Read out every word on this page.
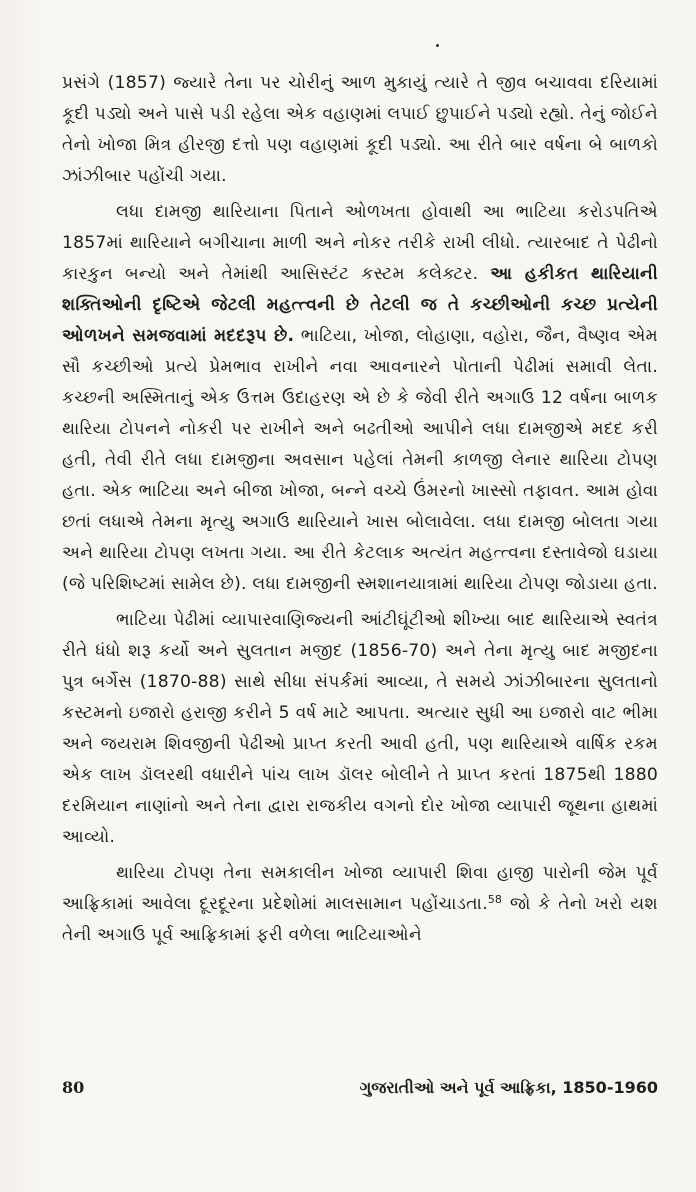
પ્રસંગે (1857) જ્યારે તેના પર ચોરીનું આળ મુકાયું ત્યારે તે જીવ બચાવવા દરિયામાં કૂદી પડ્યો અને પાસે પડી રહેલા એક વહાણમાં લપાઈ છુપાઈને પડ્યો રહ્યો. તેનું જોઈને તેનો ખોજા મિત્ર હીરજી દત્તો પણ વહાણમાં કૂદી પડ્યો. આ રીતે બાર વર્ષના બે બાળકો ઝાંઝીબાર પહોંચી ગયા.

લધા દામજી થારિયાના પિતાને ઓળખતા હોવાથી આ ભાટિયા કરોડપતિએ 1857માં થારિયાને બગીચાના માળી અને નોકર તરીકે રાખી લીધો. ત્યારબાદ તે પેઢીનો કારકુન બન્યો અને તેમાંથી આસિસ્ટંટ કસ્ટમ કલેક્ટર. આ હકીકત થારિયાની શક્તિઓની દૃષ્ટિએ જેટલી મહત્ત્વની છે તેટલી જ તે કચ્છીઓની કચ્છ પ્રત્યેની ઓળખને સમજવામાં મદદરૂપ છે. ભાટિયા, ખોજા, લોહાણા, વહોરા, જૈન, વૈષ્ણવ એમ સૌ કચ્છીઓ પ્રત્યે પ્રેમભાવ રાખીને નવા આવનારને પોતાની પેઢીમાં સમાવી લેતા. કચ્છની અસ્મિતાનું એક ઉત્તમ ઉદાહરણ એ છે કે જેવી રીતે અગાઉ 12 વર્ષના બાળક થારિયા ટોપનને નોકરી પર રાખીને અને બઢતીઓ આપીને લધા દામજીએ મદદ કરી હતી, તેવી રીતે લધા દામજીના અવસાન પહેલાં તેમની કાળજી લેનાર થારિયા ટોપણ હતા. એક ભાટિયા અને બીજા ખોજા, બન્ને વચ્ચે ઉંમરનો ખાસ્સો તફાવત. આમ હોવા છતાં લધાએ તેમના મૃત્યુ અગાઉ થારિયાને ખાસ બોલાવેલા. લધા દામજી બોલતા ગયા અને થારિયા ટોપણ લખતા ગયા. આ રીતે કેટલાક અત્યંત મહત્ત્વના દસ્તાવેજો ઘડાયા (જે પરિશિષ્ટમાં સામેલ છે). લધા દામજીની સ્મશાનયાત્રામાં થારિયા ટોપણ જોડાયા હતા.

ભાટિયા પેઢીમાં વ્યાપારવાણિજ્યની આંટીઘૂંટીઓ શીખ્યા બાદ થારિયાએ સ્વતંત્ર રીતે ધંધો શરૂ કર્યો અને સુલતાન મજીદ (1856-70) અને તેના મૃત્યુ બાદ મજીદના પુત્ર બર્ગેસ (1870-88) સાથે સીધા સંપર્કમાં આવ્યા, તે સમયે ઝાંઝીબારના સુલતાનો કસ્ટમનો ઇજારો હરાજી કરીને 5 વર્ષ માટે આપતા. અત્યાર સુધી આ ઇજારો વાટ ભીમા અને જયરામ શિવજીની પેઢીઓ પ્રાપ્ત કરતી આવી હતી, પણ થારિયાએ વાર્ષિક રકમ એક લાખ ડૉલરથી વધારીને પાંચ લાખ ડૉલર બોલીને તે પ્રાપ્ત કરતાં 1875થી 1880 દરમિયાન નાણાંનો અને તેના દ્વારા રાજકીય વગનો દોર ખોજા વ્યાપારી જૂથના હાથમાં આવ્યો.

થારિયા ટોપણ તેના સમકાલીન ખોજા વ્યાપારી શિવા હાજી પારોની જેમ પૂર્વ આફ્રિકામાં આવેલા દૂરદૂરના પ્રદેશોમાં માલસામાન પહોંચાડતા.$^{58}$ જો કે તેનો ખરો યશ તેની અગાઉ પૂર્વ આફ્રિકામાં ફરી વળેલા ભાટિયાઓને

80	ગુજરાતીઓ અને પૂર્વ આફ્રિકા, 1850-1960
